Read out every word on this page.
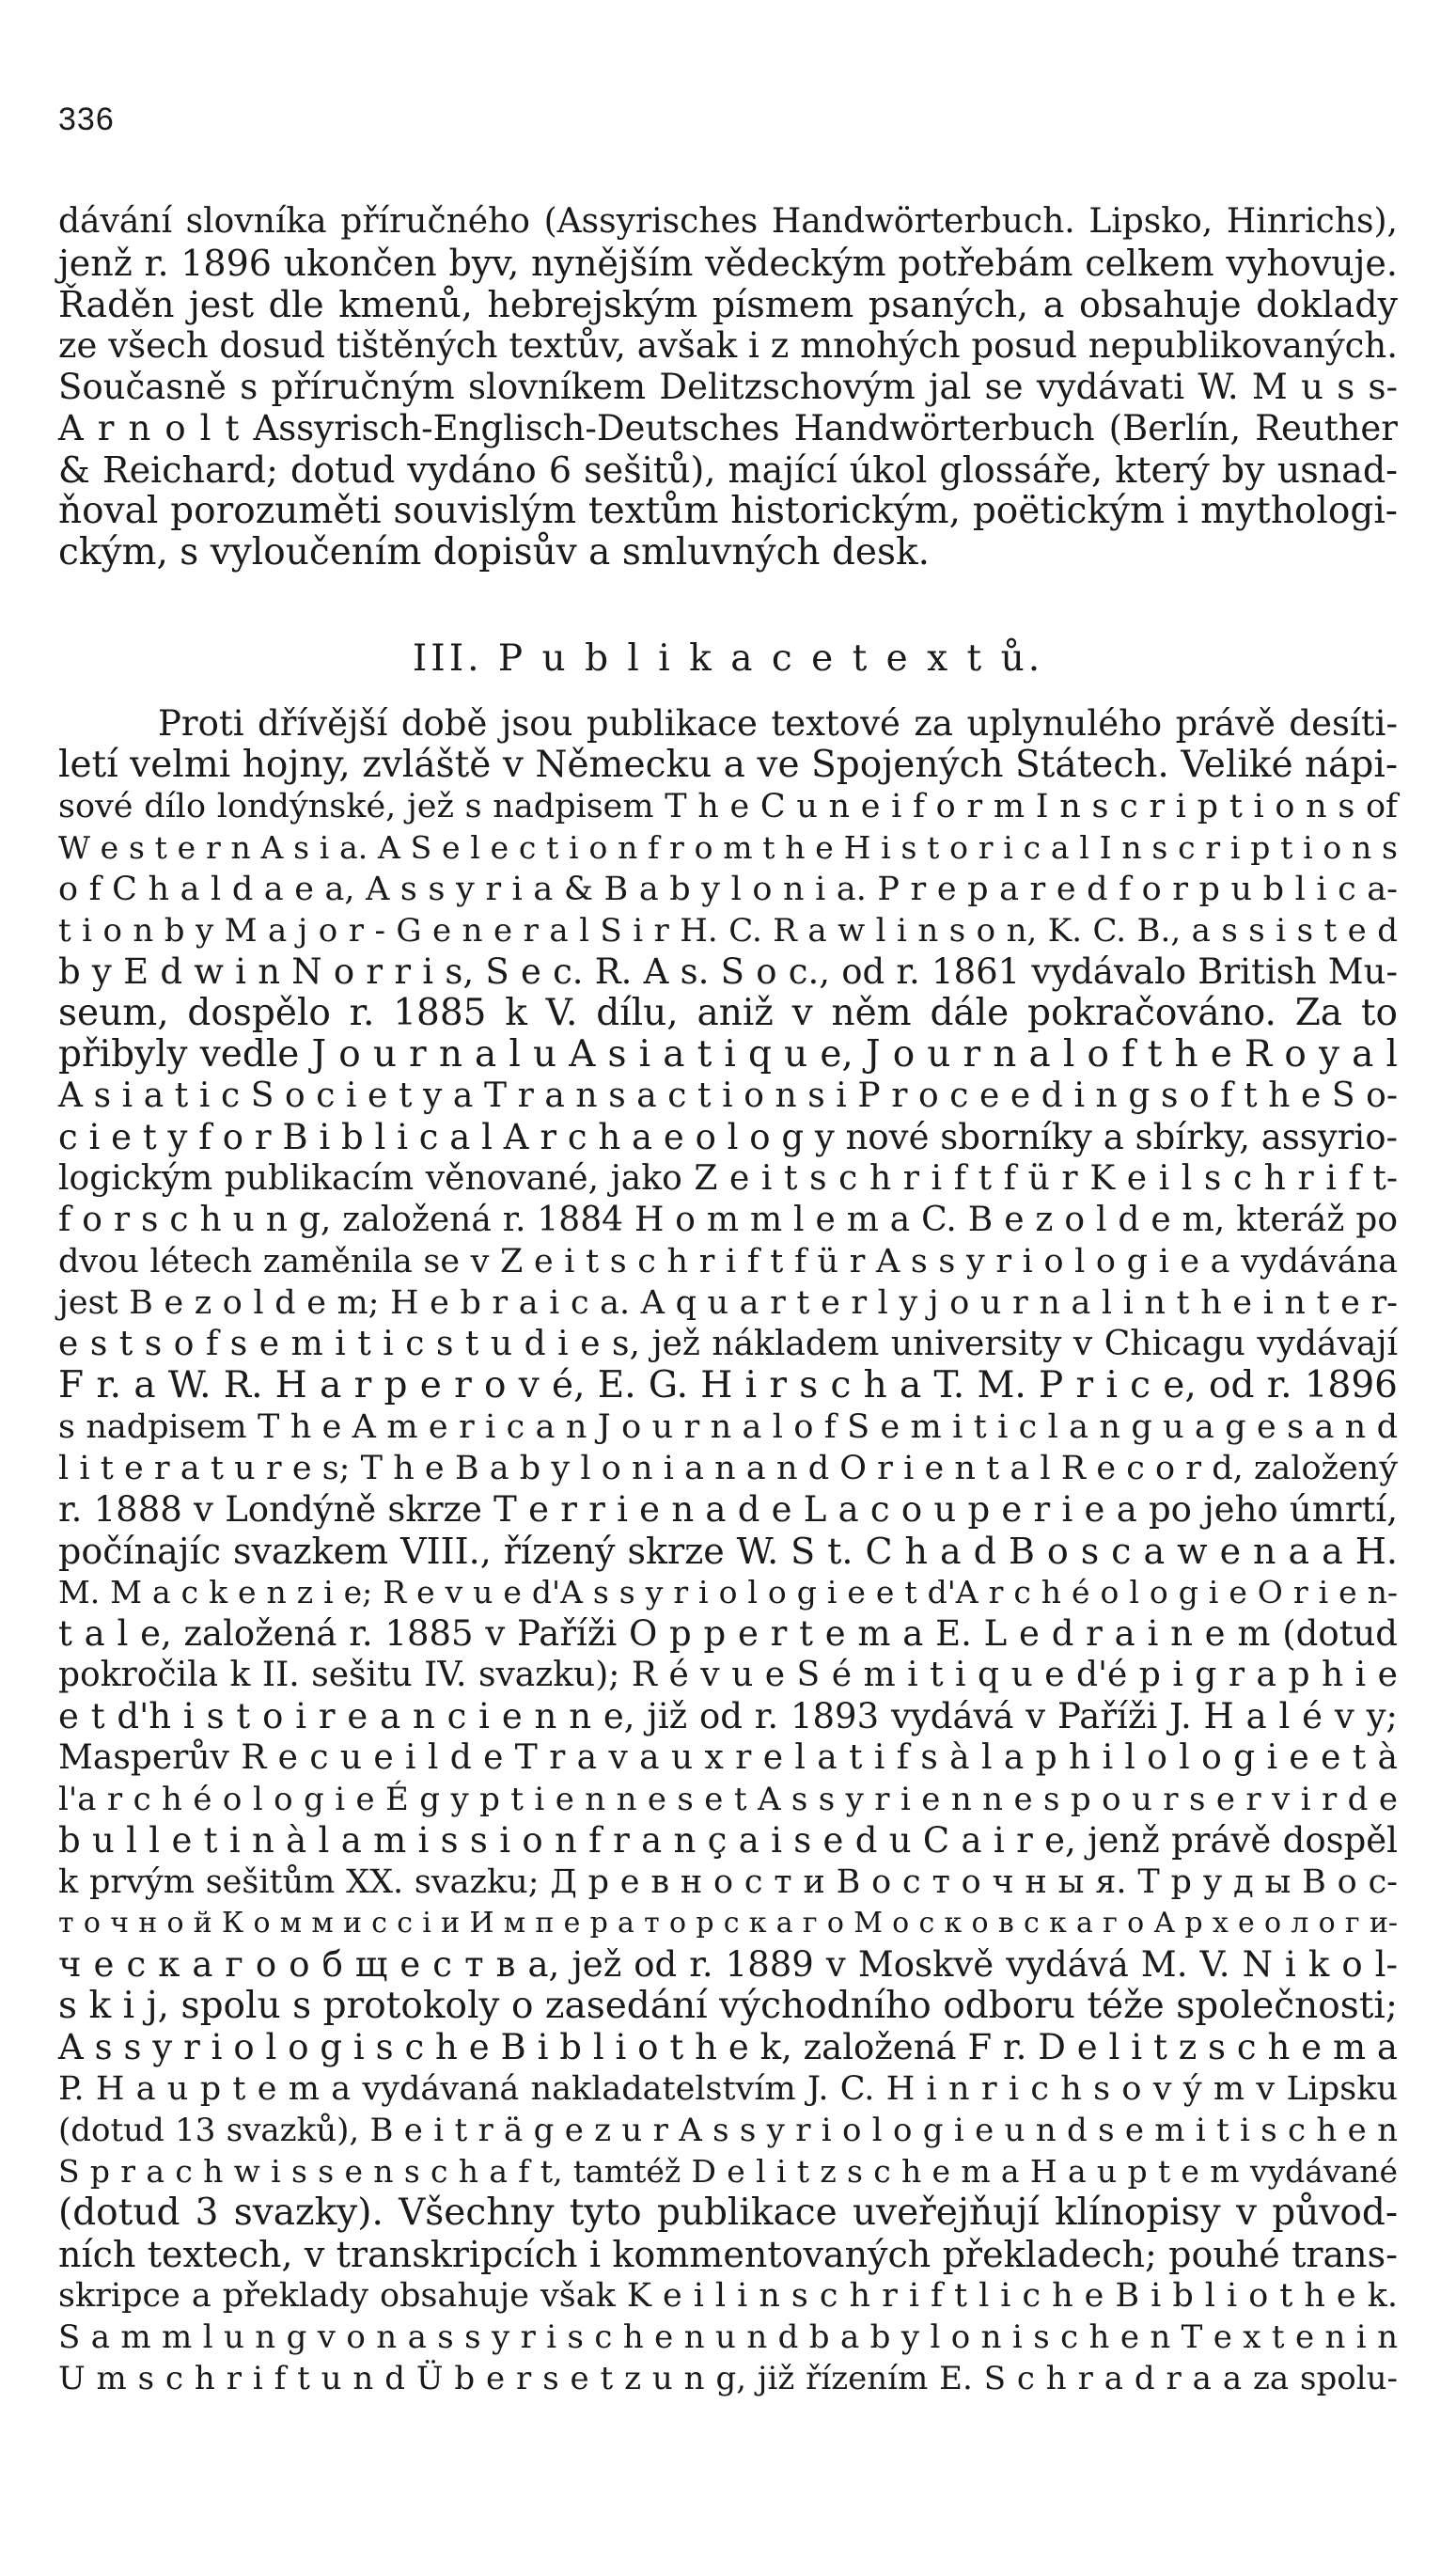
336
dávání slovníka příručného (Assyrisches Handwörterbuch. Lipsko, Hinrichs),
jenž r. 1896 ukončen byv, nynějším vědeckým potřebám celkem vyhovuje.
Řaděn jest dle kmenů, hebrejským písmem psaných, a obsahuje doklady
ze všech dosud tištěných textův, avšak i z mnohých posud nepublikovaných.
Současně s příručným slovníkem Delitzschovým jal se vydávati W. M u s s-
A r n o l t Assyrisch-Englisch-Deutsches Handwörterbuch (Berlín, Reuther
& Reichard; dotud vydáno 6 sešitů), mající úkol glossáře, který by usnad-
ňoval porozuměti souvislým textům historickým, poëtickým i mythologi-
ckým, s vyloučením dopisův a smluvných desk.
III. P u b l i k a c e t e x t ů.
Proti dřívější době jsou publikace textové za uplynulého právě desíti-
letí velmi hojny, zvláště v Německu a ve Spojených Státech. Veliké nápi-
sové dílo londýnské, jež s nadpisem T h e C u n e i f o r m I n s c r i p t i o n s of
W e s t e r n A s i a. A S e l e c t i o n f r o m t h e H i s t o r i c a l I n s c r i p t i o n s
o f C h a l d a e a, A s s y r i a & B a b y l o n i a. P r e p a r e d f o r p u b l i c a-
t i o n b y M a j o r - G e n e r a l S i r H. C. R a w l i n s o n, K. C. B., a s s i s t e d
b y E d w i n N o r r i s, S e c. R. A s. S o c., od r. 1861 vydávalo British Mu-
seum, dospělo r. 1885 k V. dílu, aniž v něm dále pokračováno. Za to
přibyly vedle J o u r n a l u A s i a t i q u e, J o u r n a l o f t h e R o y a l
A s i a t i c S o c i e t y a T r a n s a c t i o n s i P r o c e e d i n g s o f t h e S o-
c i e t y f o r B i b l i c a l A r c h a e o l o g y nové sborníky a sbírky, assyrio-
logickým publikacím věnované, jako Z e i t s c h r i f t f ü r K e i l s c h r i f t-
f o r s c h u n g, založená r. 1884 H o m m l e m a C. B e z o l d e m, kteráž po
dvou létech zaměnila se v Z e i t s c h r i f t f ü r A s s y r i o l o g i e a vydávána
jest B e z o l d e m; H e b r a i c a. A q u a r t e r l y j o u r n a l i n t h e i n t e r-
e s t s o f s e m i t i c s t u d i e s, jež nákladem university v Chicagu vydávají
F r. a W. R. H a r p e r o v é, E. G. H i r s c h a T. M. P r i c e, od r. 1896
s nadpisem T h e A m e r i c a n J o u r n a l o f S e m i t i c l a n g u a g e s a n d
l i t e r a t u r e s; T h e B a b y l o n i a n a n d O r i e n t a l R e c o r d, založený
r. 1888 v Londýně skrze T e r r i e n a d e L a c o u p e r i e a po jeho úmrtí,
počínajíc svazkem VIII., řízený skrze W. S t. C h a d B o s c a w e n a a H.
M. M a c k e n z i e; R e v u e d'A s s y r i o l o g i e e t d'A r c h é o l o g i e O r i e n-
t a l e, založená r. 1885 v Paříži O p p e r t e m a E. L e d r a i n e m (dotud
pokročila k II. sešitu IV. svazku); R é v u e S é m i t i q u e d'é p i g r a p h i e
e t d'h i s t o i r e a n c i e n n e, již od r. 1893 vydává v Paříži J. H a l é v y;
Masperův R e c u e i l d e T r a v a u x r e l a t i f s à l a p h i l o l o g i e e t à
l'a r c h é o l o g i e É g y p t i e n n e s e t A s s y r i e n n e s p o u r s e r v i r d e
b u l l e t i n à l a m i s s i o n f r a n ç a i s e d u C a i r e, jenž právě dospěl
k prvým sešitům XX. svazku; Д р е в н о с т и В о с т о ч н ы я. Т р у д ы В о с-
т о ч н о й К о м м и с с і и И м п е р а т о р с к а г о М о с к о в с к а г о А р х е о л о г и-
ч е с к а г о о б щ е с т в а, jež od r. 1889 v Moskvě vydává M. V. N i k o l-
s k i j, spolu s protokoly o zasedání východního odboru téže společnosti;
A s s y r i o l o g i s c h e B i b l i o t h e k, založená F r. D e l i t z s c h e m a
P. H a u p t e m a vydávaná nakladatelstvím J. C. H i n r i c h s o v ý m v Lipsku
(dotud 13 svazků), B e i t r ä g e z u r A s s y r i o l o g i e u n d s e m i t i s c h e n
S p r a c h w i s s e n s c h a f t, tamtéž D e l i t z s c h e m a H a u p t e m vydávané
(dotud 3 svazky). Všechny tyto publikace uveřejňují klínopisy v původ-
ních textech, v transkripcích i kommentovaných překladech; pouhé trans-
skripce a překlady obsahuje však K e i l i n s c h r i f t l i c h e B i b l i o t h e k.
S a m m l u n g v o n a s s y r i s c h e n u n d b a b y l o n i s c h e n T e x t e n i n
U m s c h r i f t u n d Ü b e r s e t z u n g, již řízením E. S c h r a d r a a za spolu-
